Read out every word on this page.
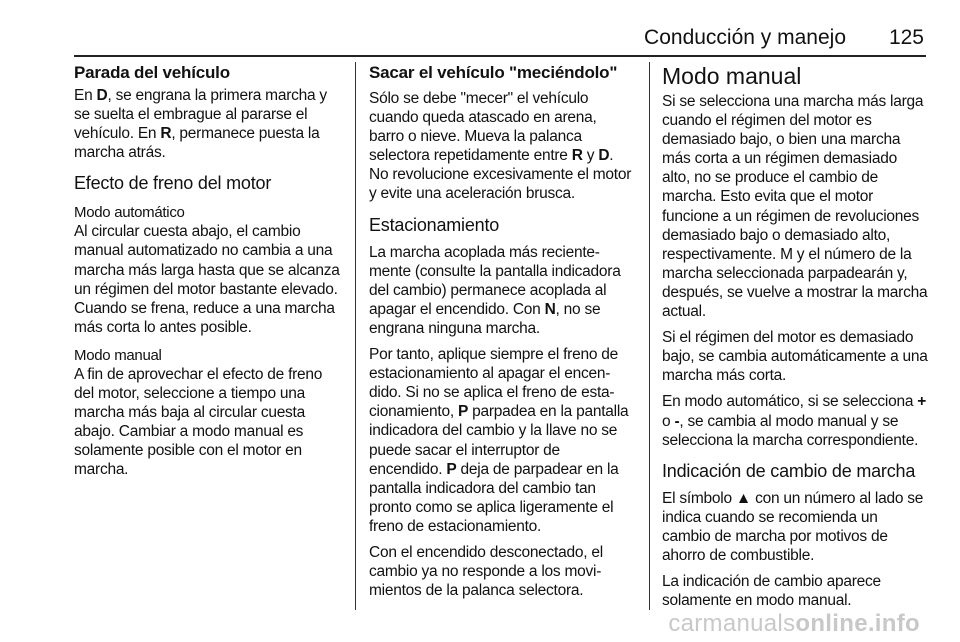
Conducción y manejo 125
Parada del vehículo

En D, se engrana la primera marcha y se suelta el embrague al pararse el vehículo. En R, permanece puesta la marcha atrás.

Efecto de freno del motor
Modo automático

Al circular cuesta abajo, el cambio manual automatizado no cambia a una marcha más larga hasta que se alcanza un régimen del motor bastante elevado. Cuando se frena, reduce a una marcha más corta lo antes posible.

Modo manual

A fin de aprovechar el efecto de freno del motor, seleccione a tiempo una marcha más baja al circular cuesta abajo. Cambiar a modo manual es solamente posible con el motor en marcha.

Sacar el vehículo "meciéndolo"

Sólo se debe "mecer" el vehículo cuando queda atascado en arena, barro o nieve. Mueva la palanca selectora repetidamente entre R y D. No revolucione excesivamente el motor y evite una aceleración brusca.

Estacionamiento

La marcha acoplada más recientemente (consulte la pantalla indicadora del cambio) permanece acoplada al apagar el encendido. Con N, no se engrana ninguna marcha.

Por tanto, aplique siempre el freno de estacionamiento al apagar el encendido. Si no se aplica el freno de estacionamiento, P parpadea en la pantalla indicadora del cambio y la llave no se puede sacar el interruptor de encendido. P deja de parpadear en la pantalla indicadora del cambio tan pronto como se aplica ligeramente el freno de estacionamiento.

Con el encendido desconectado, el cambio ya no responde a los movimientos de la palanca selectora.

Modo manual

Si se selecciona una marcha más larga cuando el régimen del motor es demasiado bajo, o bien una marcha más corta a un régimen demasiado alto, no se produce el cambio de marcha. Esto evita que el motor funcione a un régimen de revoluciones demasiado bajo o demasiado alto, respectivamente. M y el número de la marcha seleccionada parpadearán y, después, se vuelve a mostrar la marcha actual.

Si el régimen del motor es demasiado bajo, se cambia automáticamente a una marcha más corta.

En modo automático, si se selecciona + o -, se cambia al modo manual y se selecciona la marcha correspondiente.

Indicación de cambio de marcha

El símbolo ▲ con un número al lado se indica cuando se recomienda un cambio de marcha por motivos de ahorro de combustible.

La indicación de cambio aparece solamente en modo manual.

carmanualsonline.info
